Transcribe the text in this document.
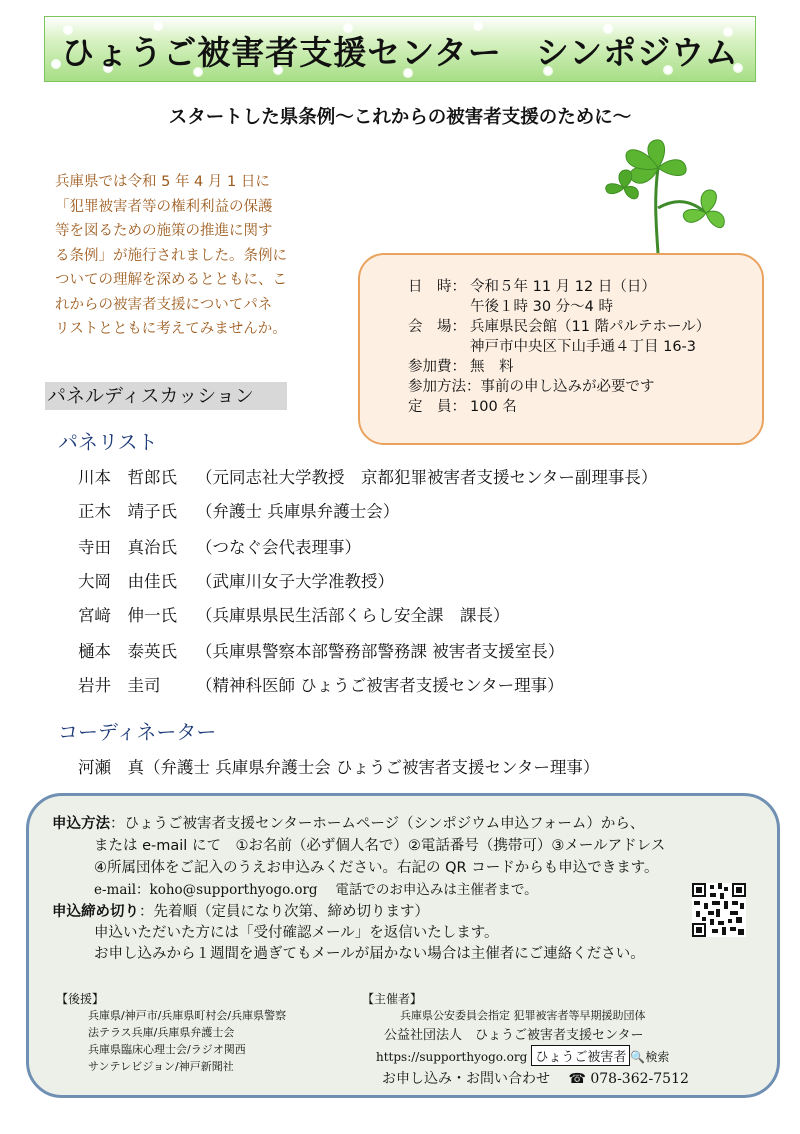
ひょうご被害者支援センター　シンポジウム
スタートした県条例～これからの被害者支援のために～

兵庫県では令和 5 年 4 月 1 日に

「犯罪被害者等の権利利益の保護

等を図るための施策の推進に関す

る条例」が施行されました。条例に

ついての理解を深めるとともに、こ

れからの被害者支援についてパネ

リストとともに考えてみませんか。

日　時： 令和５年 11 月 12 日（日）
午後１時 30 分～4 時
会　場： 兵庫県民会館（11 階パルテホール）
神戸市中央区下山手通４丁目 16-3
参加費： 無　料
参加方法：事前の申し込みが必要です
定　員： 100 名
パネルディスカッション
パネリスト
川本　哲郎氏 （元同志社大学教授　京都犯罪被害者支援センター副理事長）
正木　靖子氏 （弁護士 兵庫県弁護士会）
寺田　真治氏 （つなぐ会代表理事）
大岡　由佳氏 （武庫川女子大学准教授）
宮﨑　伸一氏 （兵庫県県民生活部くらし安全課　課長）
樋本　泰英氏 （兵庫県警察本部警務部警務課 被害者支援室長）
岩井　圭司 （精神科医師 ひょうご被害者支援センター理事）
コーディネーター
河瀬　真（弁護士 兵庫県弁護士会 ひょうご被害者支援センター理事）
申込方法：ひょうご被害者支援センターホームページ（シンポジウム申込フォーム）から、
または e-mail にて　①お名前（必ず個人名で）②電話番号（携帯可）③メールアドレス
④所属団体をご記入のうえお申込みください。右記の QR コードからも申込できます。
e-mail：koho@supporthyogo.org　 電話でのお申込みは主催者まで。
申込締め切り：先着順（定員になり次第、締め切ります）
申込いただいた方には「受付確認メール」を返信いたします。
お申し込みから１週間を過ぎてもメールが届かない場合は主催者にご連絡ください。
【後援】
兵庫県/神戸市/兵庫県町村会/兵庫県警察
法テラス兵庫/兵庫県弁護士会
兵庫県臨床心理士会/ラジオ関西
サンテレビジョン/神戸新聞社
【主催者】
兵庫県公安委員会指定 犯罪被害者等早期援助団体
公益社団法人　ひょうご被害者支援センター
https://supporthyogo.org ひょうご被害者 🔍検索
お申し込み・お問い合わせ ☎ 078-362-7512
